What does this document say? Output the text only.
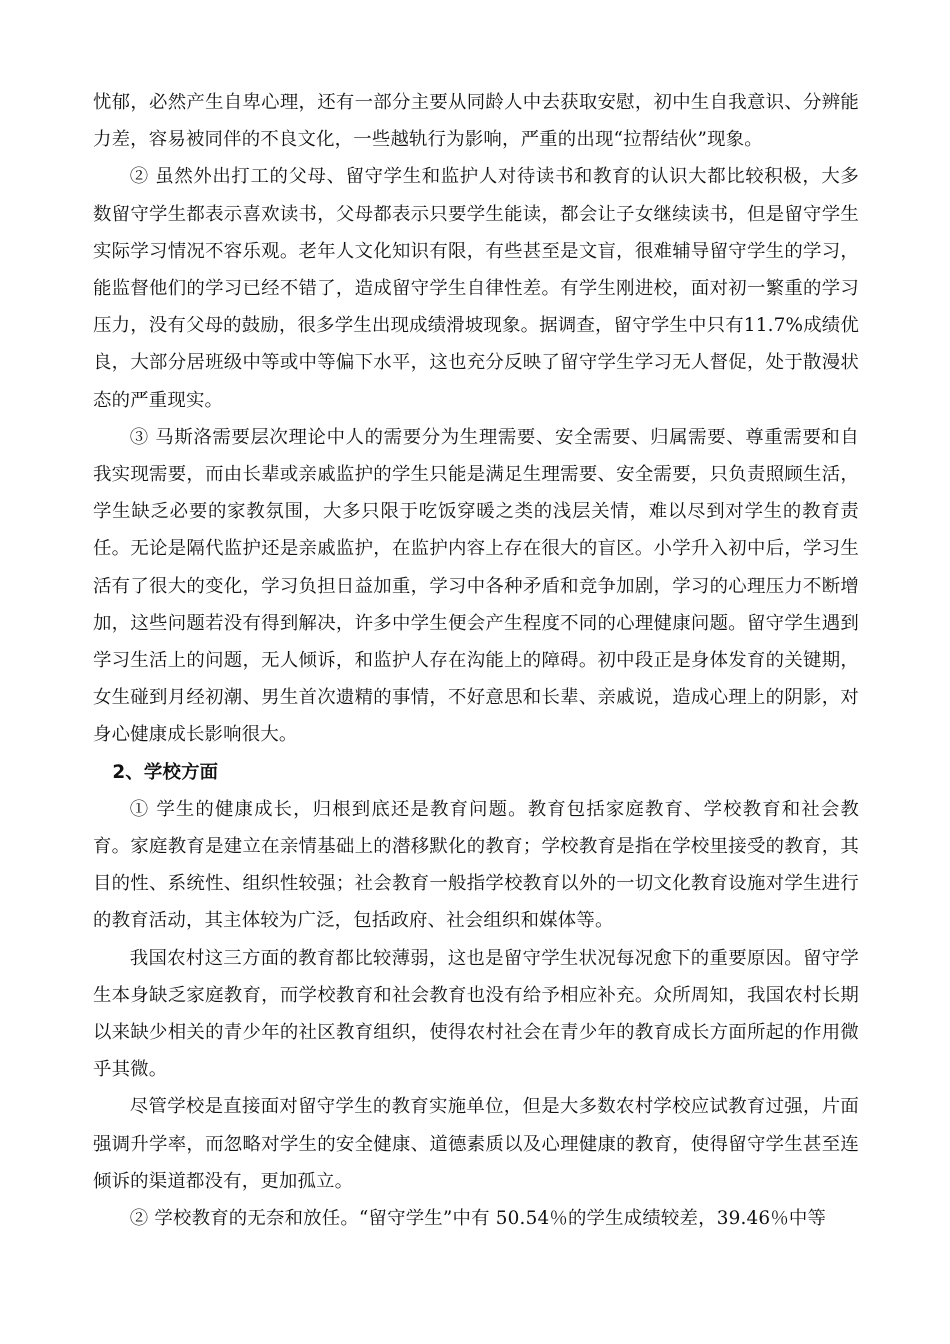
忧郁，必然产生自卑心理，还有一部分主要从同龄人中去获取安慰，初中生自我意识、分辨能力差，容易被同伴的不良文化，一些越轨行为影响，严重的出现“拉帮结伙”现象。

② 虽然外出打工的父母、留守学生和监护人对待读书和教育的认识大都比较积极，大多数留守学生都表示喜欢读书，父母都表示只要学生能读，都会让子女继续读书，但是留守学生实际学习情况不容乐观。老年人文化知识有限，有些甚至是文盲，很难辅导留守学生的学习，能监督他们的学习已经不错了，造成留守学生自律性差。有学生刚进校，面对初一繁重的学习压力，没有父母的鼓励，很多学生出现成绩滑坡现象。据调查，留守学生中只有11.7%成绩优良，大部分居班级中等或中等偏下水平，这也充分反映了留守学生学习无人督促，处于散漫状态的严重现实。

③ 马斯洛需要层次理论中人的需要分为生理需要、安全需要、归属需要、尊重需要和自我实现需要，而由长辈或亲戚监护的学生只能是满足生理需要、安全需要，只负责照顾生活，学生缺乏必要的家教氛围，大多只限于吃饭穿暖之类的浅层关情，难以尽到对学生的教育责任。无论是隔代监护还是亲戚监护，在监护内容上存在很大的盲区。小学升入初中后，学习生活有了很大的变化，学习负担日益加重，学习中各种矛盾和竞争加剧，学习的心理压力不断增加，这些问题若没有得到解决，许多中学生便会产生程度不同的心理健康问题。留守学生遇到学习生活上的问题，无人倾诉，和监护人存在沟能上的障碍。初中段正是身体发育的关键期，女生碰到月经初潮、男生首次遗精的事情，不好意思和长辈、亲戚说，造成心理上的阴影，对身心健康成长影响很大。

2、学校方面

① 学生的健康成长，归根到底还是教育问题。教育包括家庭教育、学校教育和社会教育。家庭教育是建立在亲情基础上的潜移默化的教育；学校教育是指在学校里接受的教育，其目的性、系统性、组织性较强；社会教育一般指学校教育以外的一切文化教育设施对学生进行的教育活动，其主体较为广泛，包括政府、社会组织和媒体等。

我国农村这三方面的教育都比较薄弱，这也是留守学生状况每况愈下的重要原因。留守学生本身缺乏家庭教育，而学校教育和社会教育也没有给予相应补充。众所周知，我国农村长期以来缺少相关的青少年的社区教育组织，使得农村社会在青少年的教育成长方面所起的作用微乎其微。

尽管学校是直接面对留守学生的教育实施单位，但是大多数农村学校应试教育过强，片面强调升学率，而忽略对学生的安全健康、道德素质以及心理健康的教育，使得留守学生甚至连倾诉的渠道都没有，更加孤立。

② 学校教育的无奈和放任。“留守学生”中有 50.54％的学生成绩较差，39.46％中等
